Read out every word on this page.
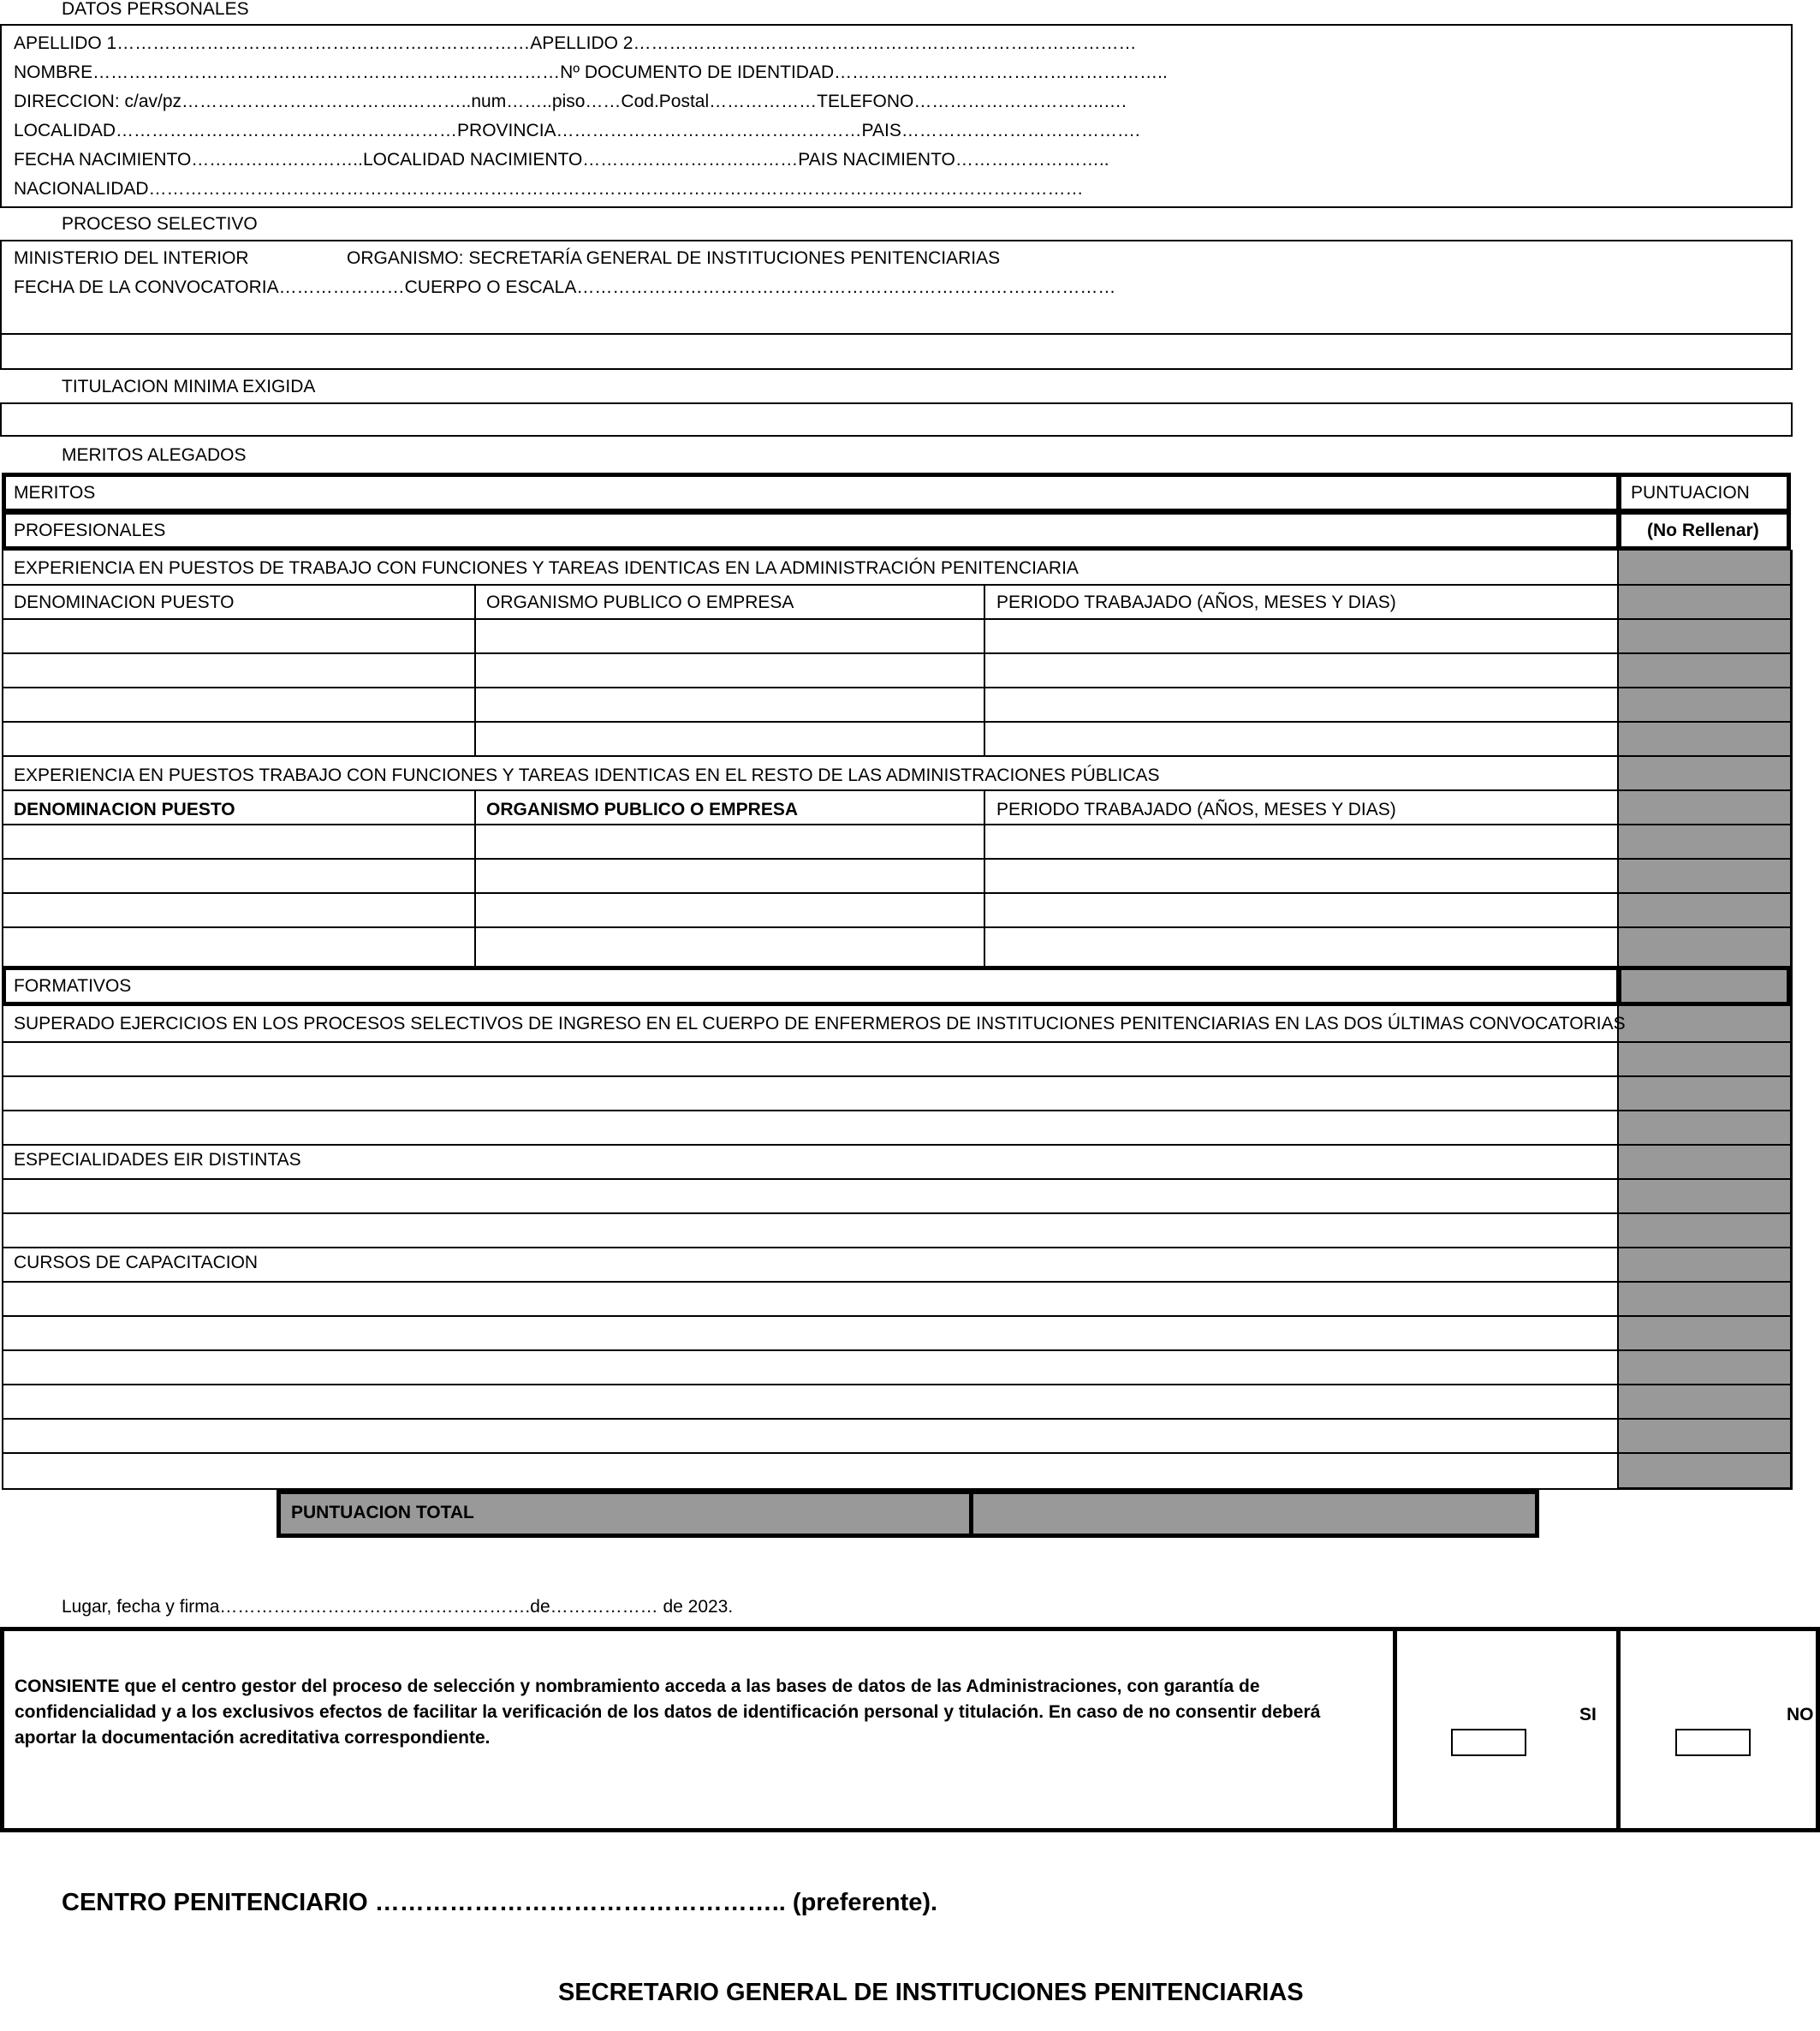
DATOS PERSONALES
APELLIDO 1……………………………………………………………APELLIDO 2…………………………………………………………………………
NOMBRE……………………………………………………………………Nº DOCUMENTO DE IDENTIDAD………………………………………………..
DIRECCION: c/av/pz………………………………..………..num……..piso……Cod.Postal………………TELEFONO…………………………..….
LOCALIDAD…………………………………………………PROVINCIA……………………………………………PAIS………………………………….
FECHA NACIMIENTO………………………..LOCALIDAD NACIMIENTO………………………………PAIS NACIMIENTO……………………..
NACIONALIDAD…………………………………………………………………………………………………………………………………………
PROCESO SELECTIVO
MINISTERIO DEL INTERIOR	ORGANISMO: SECRETARÍA GENERAL DE INSTITUCIONES PENITENCIARIAS
FECHA DE LA CONVOCATORIA…………………CUERPO O ESCALA………………………………………………………………………………
TITULACION MINIMA EXIGIDA
MERITOS ALEGADOS
MERITOS	PUNTUACION
PROFESIONALES	(No Rellenar)
EXPERIENCIA EN PUESTOS DE TRABAJO CON FUNCIONES Y TAREAS IDENTICAS EN LA ADMINISTRACIÓN PENITENCIARIA
DENOMINACION PUESTO	ORGANISMO PUBLICO O EMPRESA	PERIODO TRABAJADO (AÑOS, MESES Y DIAS)
EXPERIENCIA EN PUESTOS TRABAJO CON FUNCIONES Y TAREAS IDENTICAS EN EL RESTO DE LAS ADMINISTRACIONES PÚBLICAS
DENOMINACION PUESTO	ORGANISMO PUBLICO O EMPRESA	PERIODO TRABAJADO (AÑOS, MESES Y DIAS)
FORMATIVOS
SUPERADO EJERCICIOS EN LOS PROCESOS SELECTIVOS DE INGRESO EN EL CUERPO DE ENFERMEROS DE INSTITUCIONES PENITENCIARIAS EN LAS DOS ÚLTIMAS CONVOCATORIAS
ESPECIALIDADES EIR DISTINTAS
CURSOS DE CAPACITACION
PUNTUACION TOTAL
Lugar, fecha y firma…………………………………………….de……………… de 2023.
CONSIENTE que el centro gestor del proceso de selección y nombramiento acceda a las bases de datos de las Administraciones, con garantía de confidencialidad y a los exclusivos efectos de facilitar la verificación de los datos de identificación personal y titulación. En caso de no consentir deberá aportar la documentación acreditativa correspondiente.
SI	NO
CENTRO PENITENCIARIO ………………………………………….. (preferente).
SECRETARIO GENERAL DE INSTITUCIONES PENITENCIARIAS
